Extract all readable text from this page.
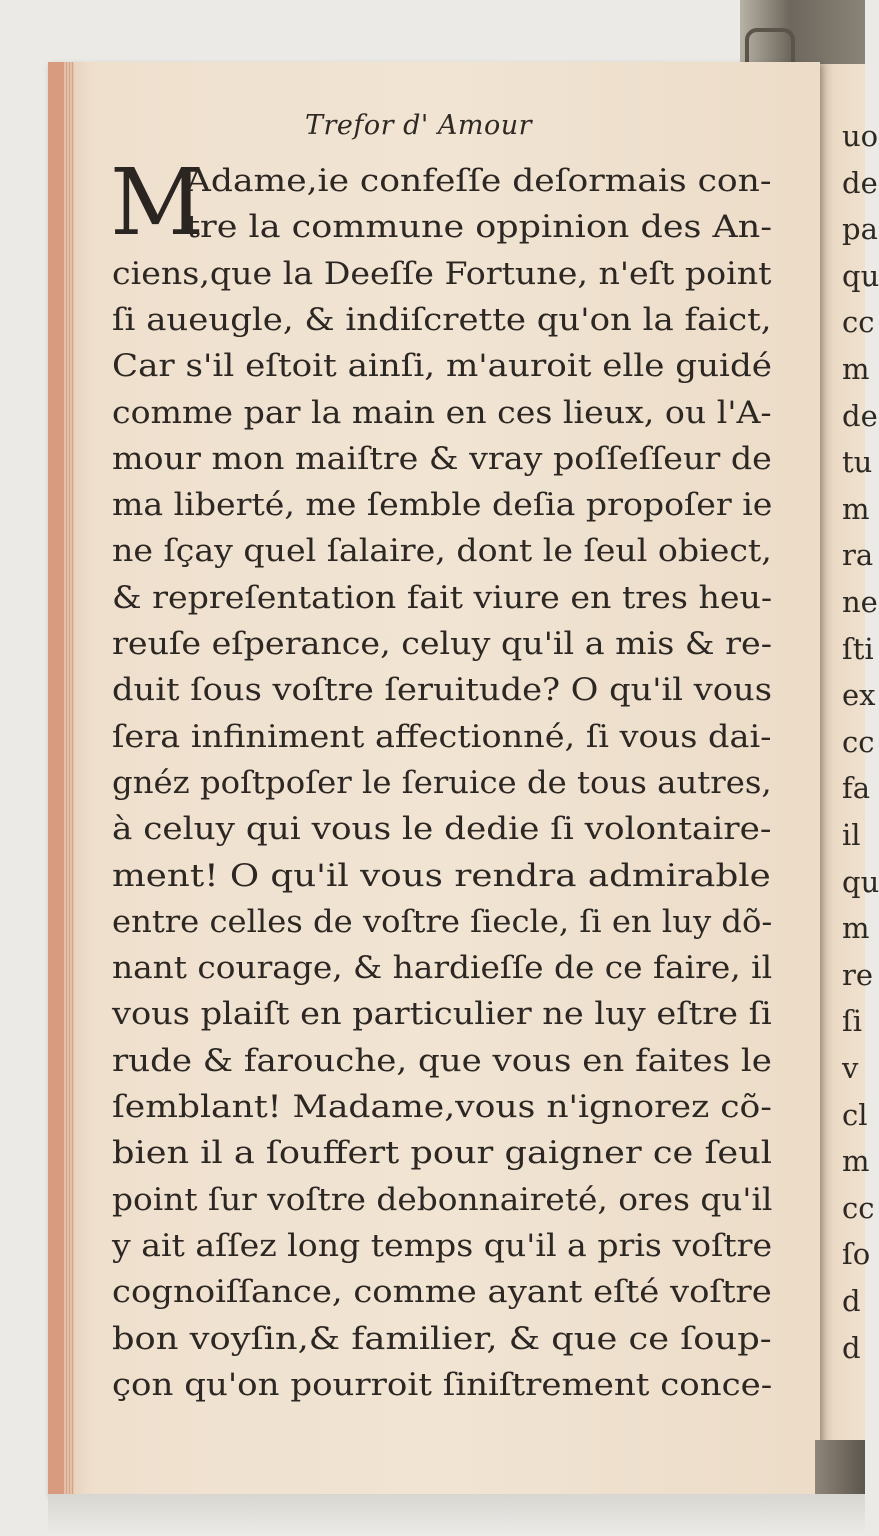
uo
de
pa
qu
cc
m
de
tu
m
ra
ne
ſti
ex
cc
fa
il
qu
m
re
ſi
v
cl
m
cc
ſo
d
d
Trefor d' Amour
M
Adame,ie confeſſe deſormais con-
tre la commune oppinion des An-
ciens,que la Deeſſe Fortune, n'eſt point
ſi aueugle, & indiſcrette qu'on la faict,
Car s'il eſtoit ainſi, m'auroit elle guidé
comme par la main en ces lieux, ou l'A-
mour mon maiſtre & vray poſſeſſeur de
ma liberté, me ſemble deſia propoſer ie
ne ſçay quel ſalaire, dont le ſeul obiect,
& repreſentation fait viure en tres heu-
reuſe eſperance, celuy qu'il a mis & re-
duit ſous voſtre ſeruitude? O qu'il vous
ſera infiniment affectionné, ſi vous dai-
gnéz poſtpoſer le ſeruice de tous autres,
à celuy qui vous le dedie ſi volontaire-
ment! O qu'il vous rendra admirable
entre celles de voſtre ſiecle, ſi en luy dõ-
nant courage, & hardieſſe de ce faire, il
vous plaiſt en particulier ne luy eſtre ſi
rude & farouche, que vous en faites le
ſemblant! Madame,vous n'ignorez cõ-
bien il a ſouffert pour gaigner ce ſeul
point ſur voſtre debonnaireté, ores qu'il
y ait aſſez long temps qu'il a pris voſtre
cognoiſſance, comme ayant eſté voſtre
bon voyſin,& familier, & que ce ſoup-
çon qu'on pourroit ſiniſtrement conce-
